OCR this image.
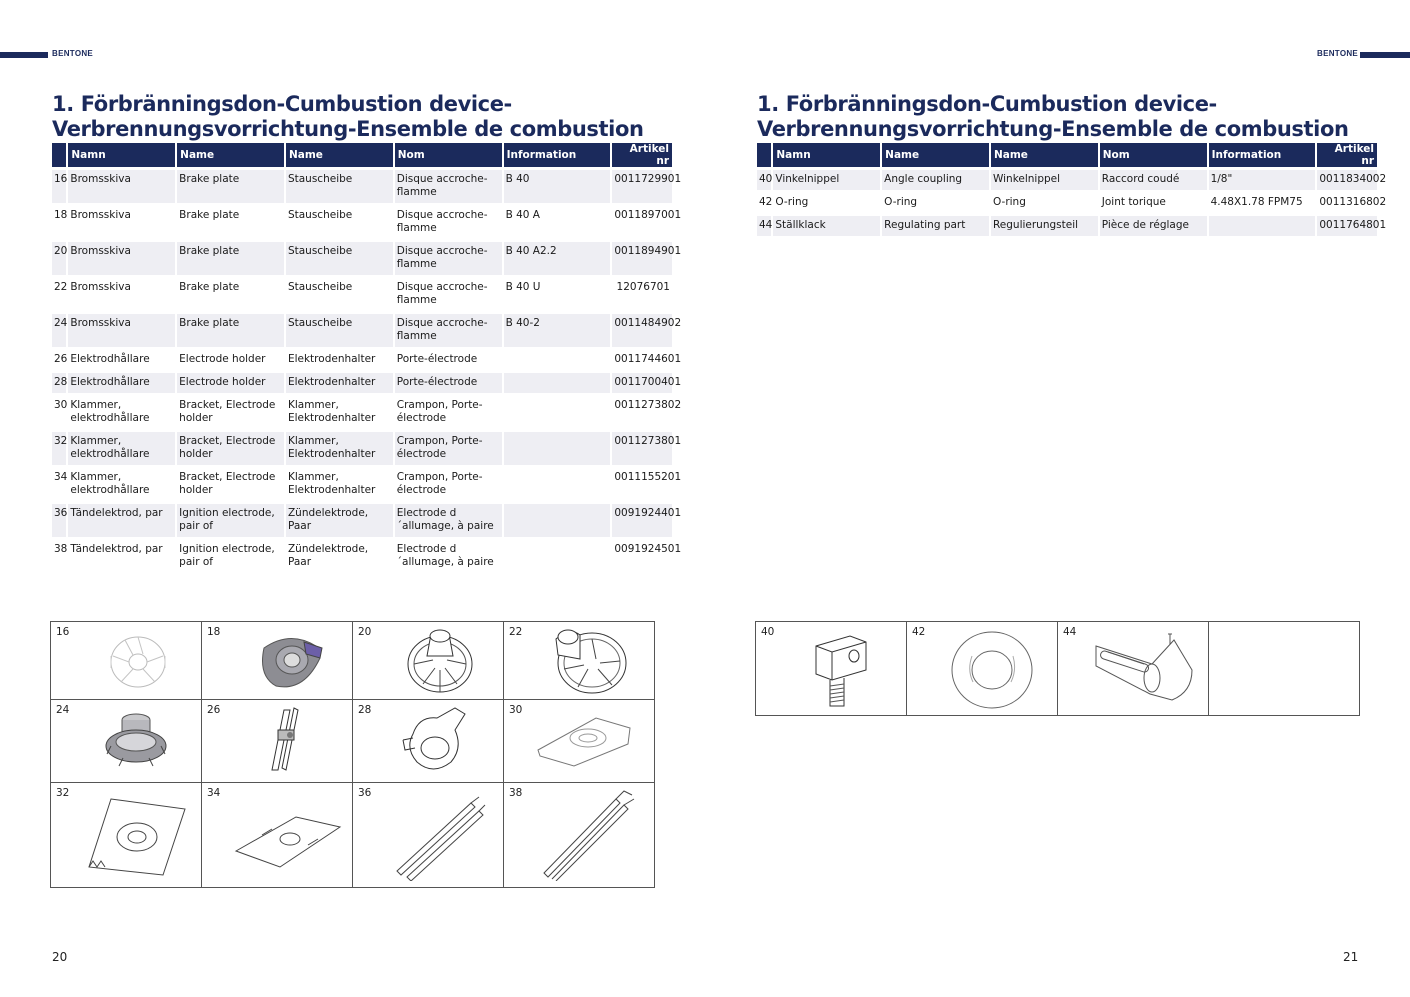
BENTONE
1. Förbränningsdon-Cumbustion device-
Verbrennungsvorrichtung-Ensemble de combustion
	Namn	Name	Name	Nom	Information	Artikel nr
16	Bromsskiva	Brake plate	Stauscheibe	Disque accroche-flamme	B 40	0011729901
18	Bromsskiva	Brake plate	Stauscheibe	Disque accroche-flamme	B 40 A	0011897001
20	Bromsskiva	Brake plate	Stauscheibe	Disque accroche-flamme	B 40 A2.2	0011894901
22	Bromsskiva	Brake plate	Stauscheibe	Disque accroche-flamme	B 40 U	12076701
24	Bromsskiva	Brake plate	Stauscheibe	Disque accroche-flamme	B 40-2	0011484902
26	Elektrodhållare	Electrode holder	Elektrodenhalter	Porte-électrode		0011744601
28	Elektrodhållare	Electrode holder	Elektrodenhalter	Porte-électrode		0011700401
30	Klammer, elektrodhållare	Bracket, Electrode holder	Klammer, Elektrodenhalter	Crampon, Porte-électrode		0011273802
32	Klammer, elektrodhållare	Bracket, Electrode holder	Klammer, Elektrodenhalter	Crampon, Porte-électrode		0011273801
34	Klammer, elektrodhållare	Bracket, Electrode holder	Klammer, Elektrodenhalter	Crampon, Porte-électrode		0011155201
36	Tändelektrod, par	Ignition electrode, pair of	Zündelektrode, Paar	Electrode d´allumage, à paire		0091924401
38	Tändelektrod, par	Ignition electrode, pair of	Zündelektrode, Paar	Electrode d´allumage, à paire		0091924501
16	18	20	22

24	26	28	30

32	34	36	38
20
BENTONE
1. Förbränningsdon-Cumbustion device-
Verbrennungsvorrichtung-Ensemble de combustion
	Namn	Name	Name	Nom	Information	Artikel nr
40	Vinkelnippel	Angle coupling	Winkelnippel	Raccord coudé	1/8"	0011834002
42	O-ring	O-ring	O-ring	Joint torique	4.48X1.78 FPM75	0011316802
44	Ställklack	Regulating part	Regulierungsteil	Pièce de réglage		0011764801
40	42	44

21
